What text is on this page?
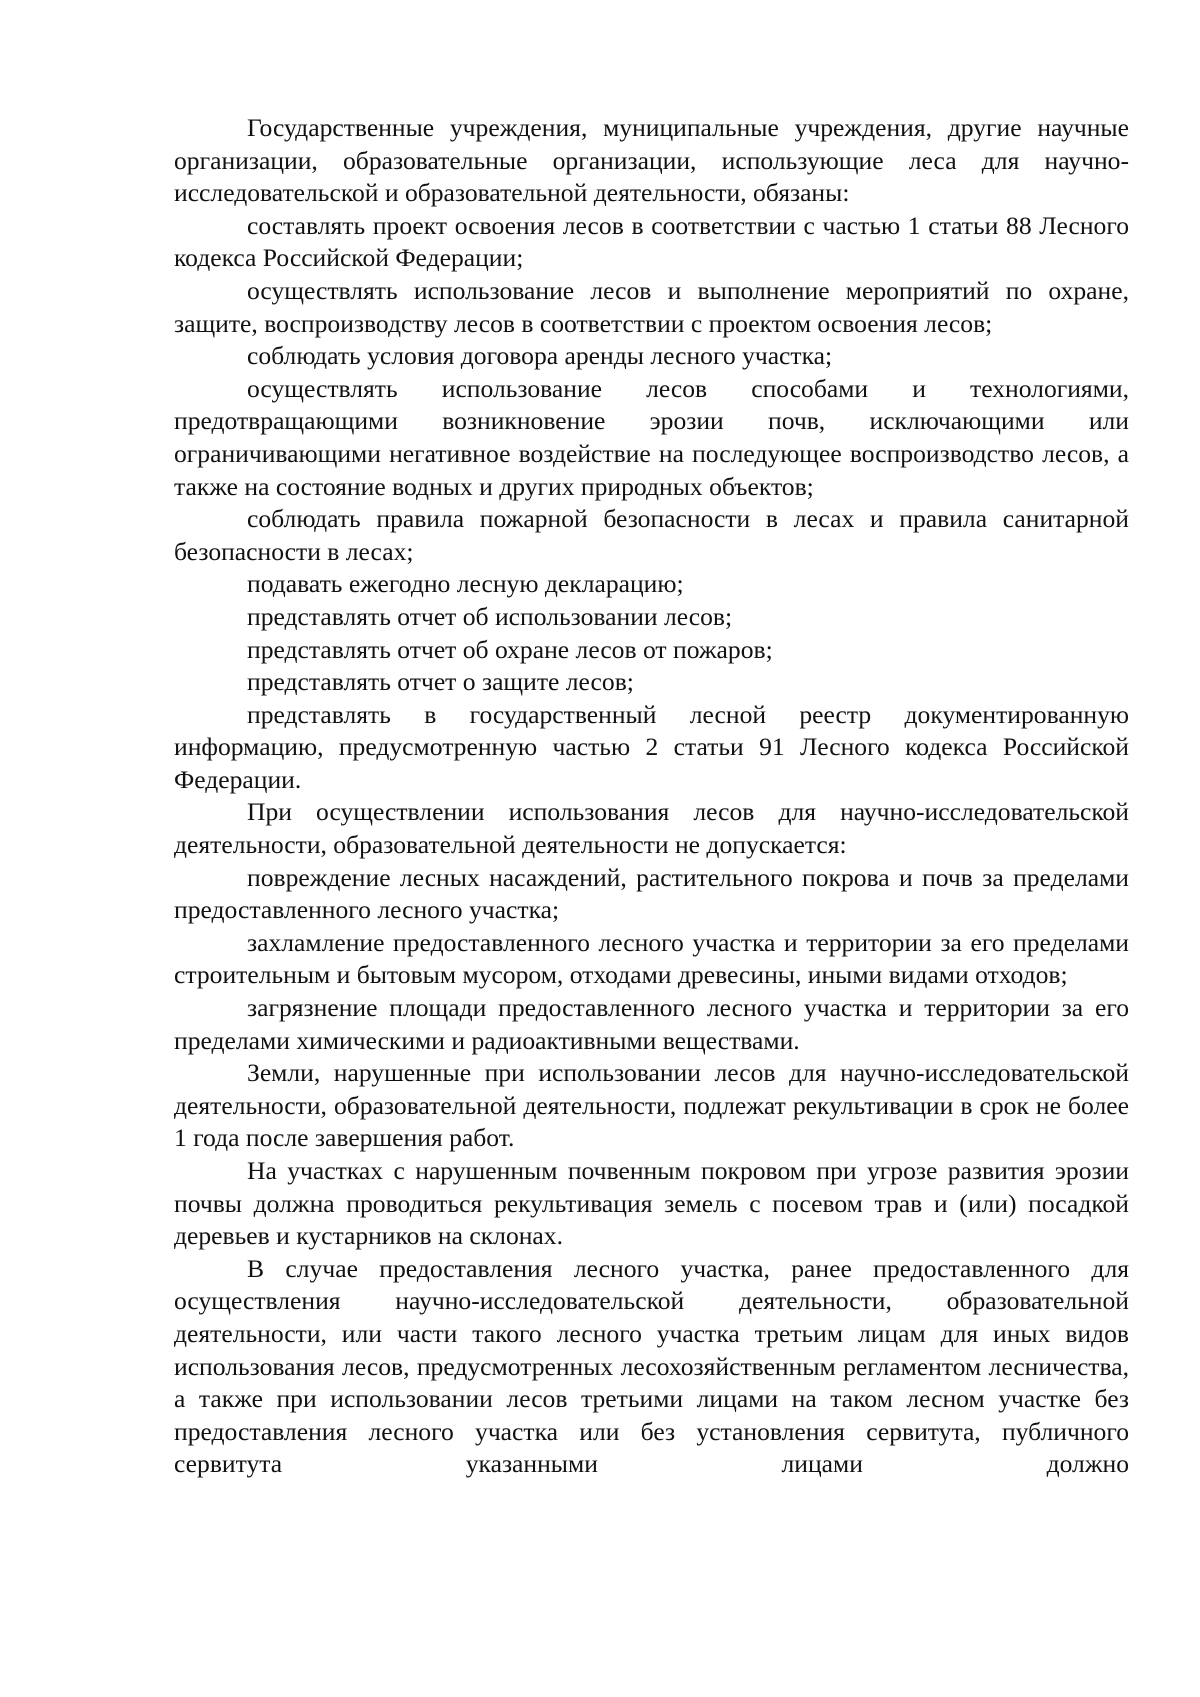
Государственные учреждения, муниципальные учреждения, другие научные организации, образовательные организации, использующие леса для научно-исследовательской и образовательной деятельности, обязаны:

составлять проект освоения лесов в соответствии с частью 1 статьи 88 Лесного кодекса Российской Федерации;

осуществлять использование лесов и выполнение мероприятий по охране, защите, воспроизводству лесов в соответствии с проектом освоения лесов;

соблюдать условия договора аренды лесного участка;

осуществлять использование лесов способами и технологиями, предотвращающими возникновение эрозии почв, исключающими или ограничивающими негативное воздействие на последующее воспроизводство лесов, а также на состояние водных и других природных объектов;

соблюдать правила пожарной безопасности в лесах и правила санитарной безопасности в лесах;

подавать ежегодно лесную декларацию;

представлять отчет об использовании лесов;

представлять отчет об охране лесов от пожаров;

представлять отчет о защите лесов;

представлять в государственный лесной реестр документированную информацию, предусмотренную частью 2 статьи 91 Лесного кодекса Российской Федерации.

При осуществлении использования лесов для научно-исследовательской деятельности, образовательной деятельности не допускается:

повреждение лесных насаждений, растительного покрова и почв за пределами предоставленного лесного участка;

захламление предоставленного лесного участка и территории за его пределами строительным и бытовым мусором, отходами древесины, иными видами отходов;

загрязнение площади предоставленного лесного участка и территории за его пределами химическими и радиоактивными веществами.

Земли, нарушенные при использовании лесов для научно-исследовательской деятельности, образовательной деятельности, подлежат рекультивации в срок не более 1 года после завершения работ.

На участках с нарушенным почвенным покровом при угрозе развития эрозии почвы должна проводиться рекультивация земель с посевом трав и (или) посадкой деревьев и кустарников на склонах.

В случае предоставления лесного участка, ранее предоставленного для осуществления научно-исследовательской деятельности, образовательной деятельности, или части такого лесного участка третьим лицам для иных видов использования лесов, предусмотренных лесохозяйственным регламентом лесничества, а также при использовании лесов третьими лицами на таком лесном участке без предоставления лесного участка или без установления сервитута, публичного сервитута указанными лицами должно
